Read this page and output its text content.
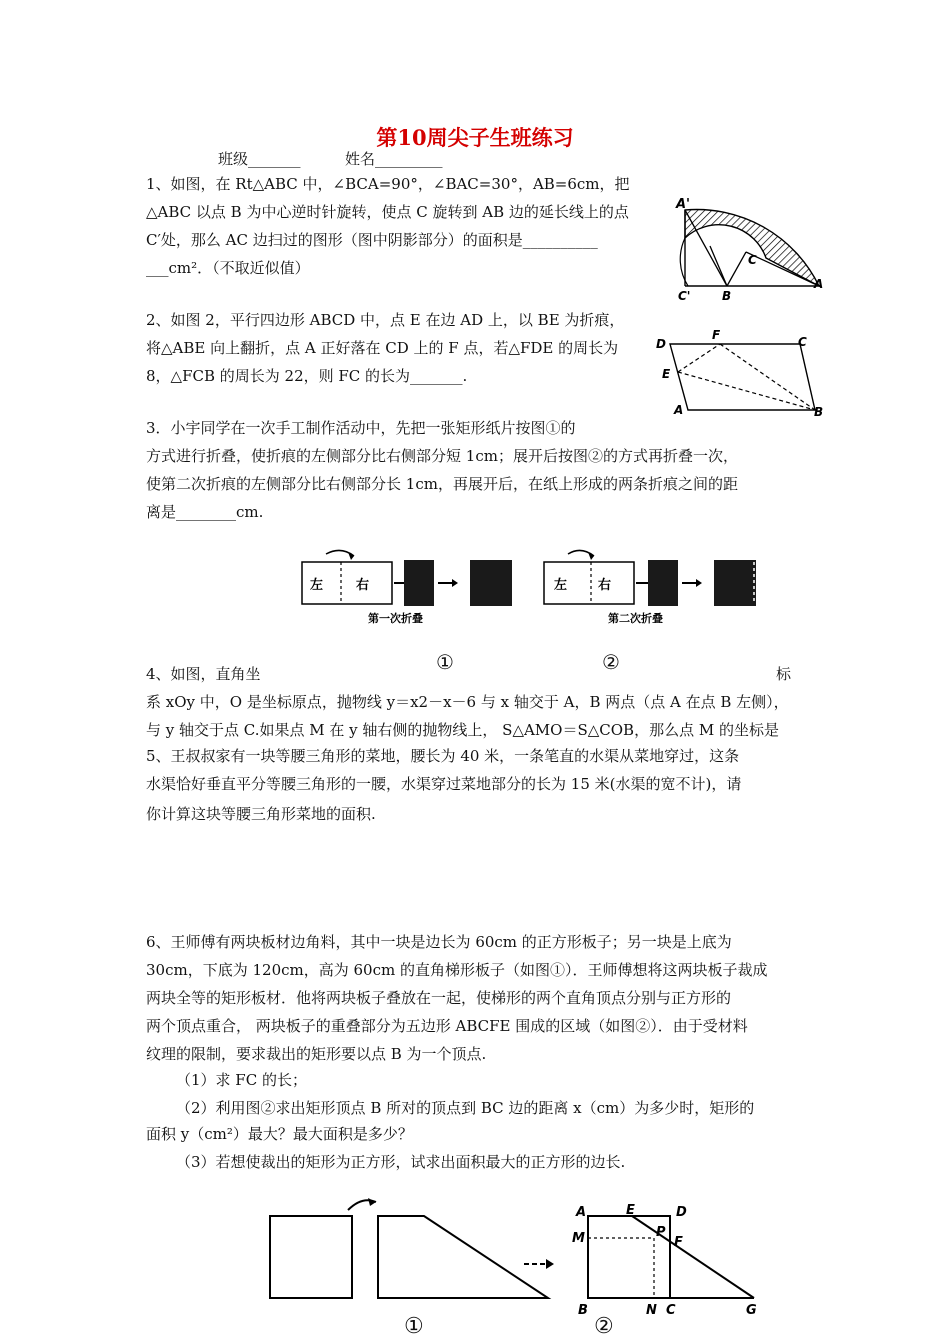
第10周尖子生班练习
班级_______	姓名_________
1、如图，在 Rt△ABC 中，∠BCA=90°，∠BAC=30°，AB=6cm，把
△ABC 以点 B 为中心逆时针旋转，使点 C 旋转到 AB 边的延长线上的点
C′处，那么 AC 边扫过的图形（图中阴影部分）的面积是__________
___cm²．（不取近似值）
A'
C
C'	B
A
2、如图 2，平行四边形 ABCD 中，点 E 在边 AD 上，以 BE 为折痕，
将△ABE 向上翻折，点 A 正好落在 CD 上的 F 点，若△FDE 的周长为
8，△FCB 的周长为 22，则 FC 的长为_______.
D
F	C
E
A	B
3．小宇同学在一次手工制作活动中，先把一张矩形纸片按图①的
方式进行折叠，使折痕的左侧部分比右侧部分短 1cm；展开后按图②的方式再折叠一次，
使第二次折痕的左侧部分比右侧部分长 1cm，再展开后，在纸上形成的两条折痕之间的距
离是________cm.
左	右
第一次折叠
左 右
第二次折叠
①	②
4、如图，直角坐	标
系 xOy 中，O 是坐标原点，抛物线 y＝x2－x－6 与 x 轴交于 A，B 两点（点 A 在点 B 左侧），
与 y 轴交于点 C.如果点 M 在 y 轴右侧的抛物线上， S△AMO＝S△COB，那么点 M 的坐标是
5、王叔叔家有一块等腰三角形的菜地，腰长为 40 米，一条笔直的水渠从菜地穿过，这条
水渠恰好垂直平分等腰三角形的一腰，水渠穿过菜地部分的长为 15 米(水渠的宽不计)，请
你计算这块等腰三角形菜地的面积.
6、王师傅有两块板材边角料，其中一块是边长为 60cm 的正方形板子；另一块是上底为
30cm，下底为 120cm，高为 60cm 的直角梯形板子（如图①）．王师傅想将这两块板子裁成
两块全等的矩形板材．他将两块板子叠放在一起，使梯形的两个直角顶点分别与正方形的
两个顶点重合， 两块板子的重叠部分为五边形 ABCFE 围成的区域（如图②）．由于受材料
纹理的限制，要求裁出的矩形要以点 B 为一个顶点.
（1）求 FC 的长；
（2）利用图②求出矩形顶点 B 所对的顶点到 BC 边的距离 x（cm）为多少时，矩形的
面积 y（cm²）最大？最大面积是多少？
（3）若想使裁出的矩形为正方形，试求出面积最大的正方形的边长.
A	E	D
M	P
F
B	N C	G
①	②
